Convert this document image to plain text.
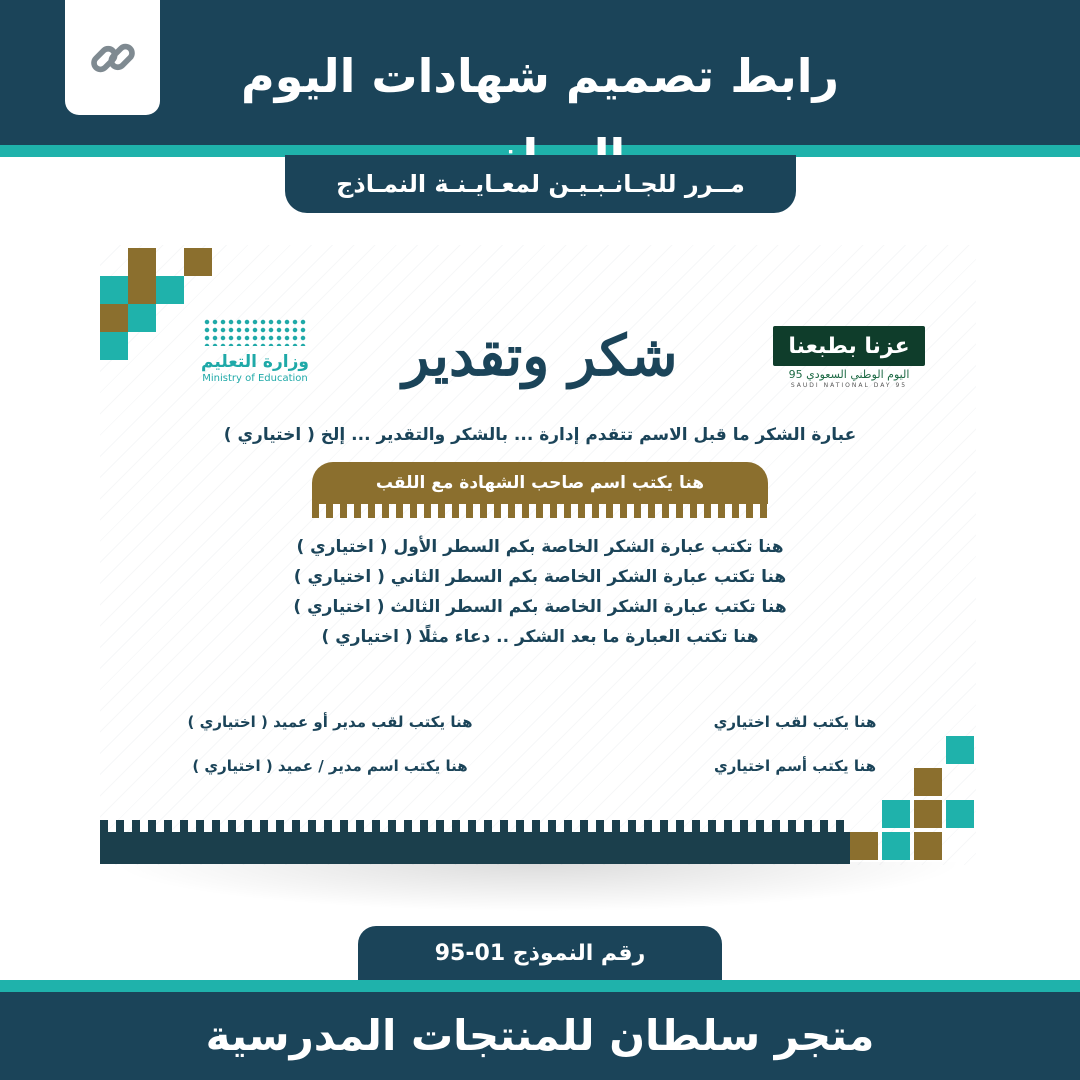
رابط تصميم شهادات اليوم
مــرر للجـانـبـيـن لمعـايـنـة النمـاذج
وزارة التعليم
Ministry of Education	شكر وتقدير	عزنا بطبعنا
اليوم الوطني السعودي 95
SAUDI NATIONAL DAY 95
عبارة الشكر ما قبل الاسم تتقدم إدارة ... بالشكر والتقدير ... إلخ ( اختياري )
هنا يكتب اسم صاحب الشهادة مع اللقب

هنا تكتب عبارة الشكر الخاصة بكم السطر الأول ( اختياري )

هنا تكتب عبارة الشكر الخاصة بكم السطر الثاني ( اختياري )

هنا تكتب عبارة الشكر الخاصة بكم السطر الثالث ( اختياري )

هنا تكتب العبارة ما بعد الشكر .. دعاء مثلًا ( اختياري )

هنا يكتب لقب مدير أو عميد ( اختياري )

هنا يكتب اسم مدير / عميد ( اختياري )

هنا يكتب لقب اختياري

هنا يكتب أسم اختياري

رقم النموذج 01-95
متجر سلطان للمنتجات المدرسية
